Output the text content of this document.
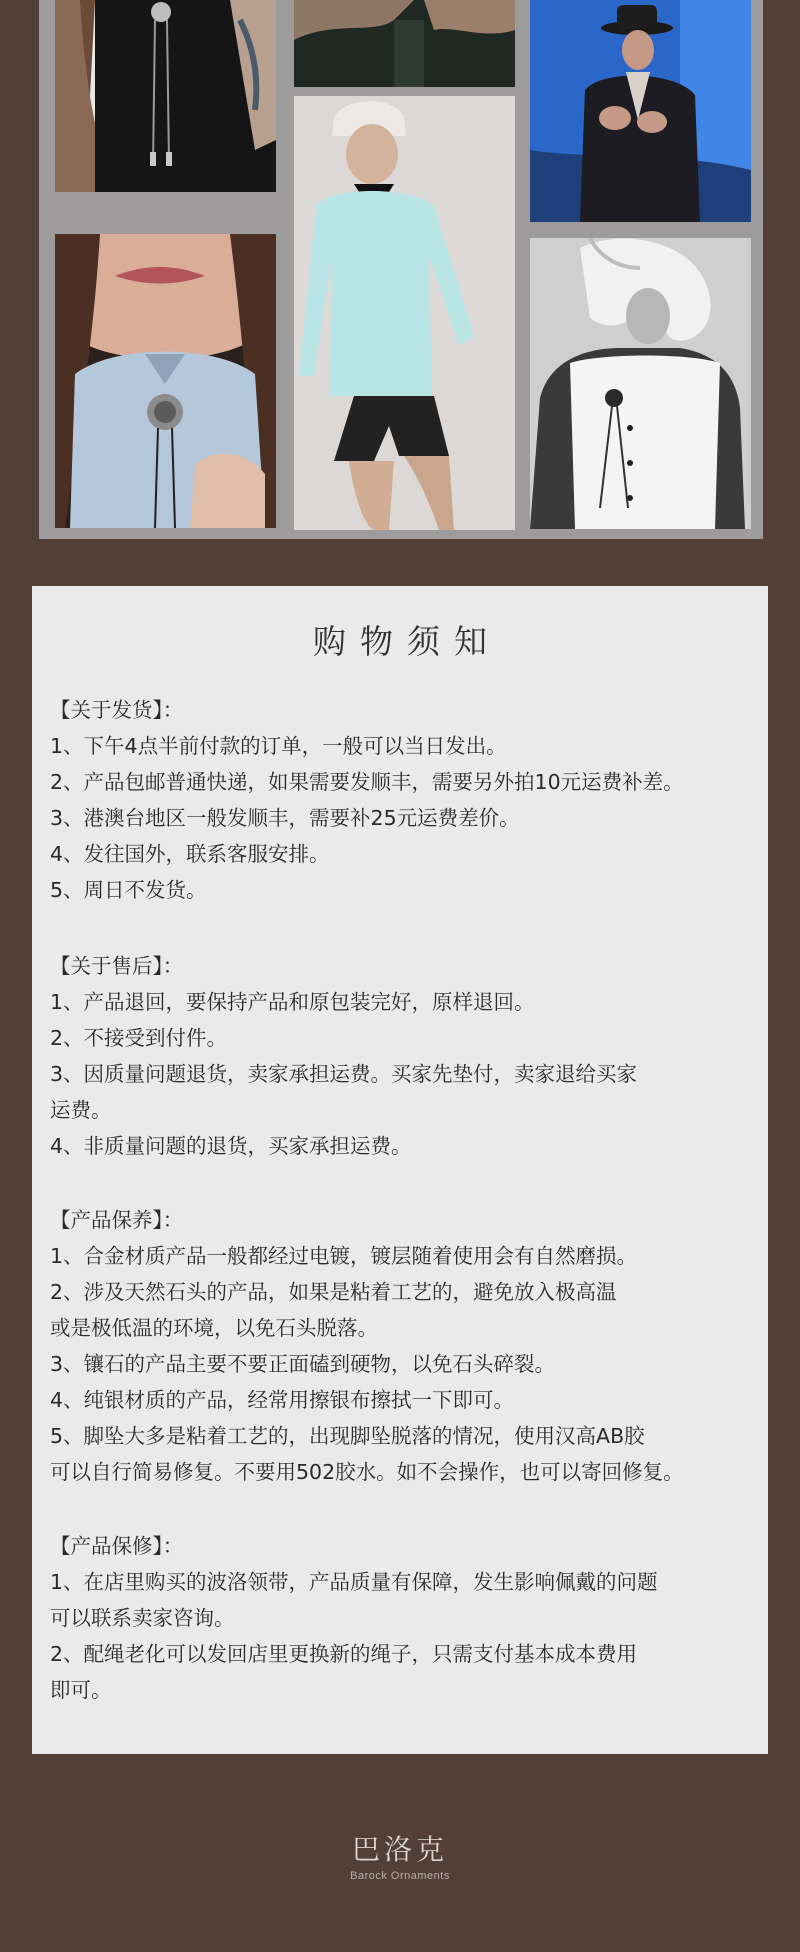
购物须知
【关于发货】：
1、下午4点半前付款的订单，一般可以当日发出。
2、产品包邮普通快递，如果需要发顺丰，需要另外拍10元运费补差。
3、港澳台地区一般发顺丰，需要补25元运费差价。
4、发往国外，联系客服安排。
5、周日不发货。
【关于售后】：
1、产品退回，要保持产品和原包装完好，原样退回。
2、不接受到付件。
3、因质量问题退货，卖家承担运费。买家先垫付，卖家退给买家
运费。
4、非质量问题的退货，买家承担运费。
【产品保养】：
1、合金材质产品一般都经过电镀，镀层随着使用会有自然磨损。
2、涉及天然石头的产品，如果是粘着工艺的，避免放入极高温
或是极低温的环境，以免石头脱落。
3、镶石的产品主要不要正面磕到硬物，以免石头碎裂。
4、纯银材质的产品，经常用擦银布擦拭一下即可。
5、脚坠大多是粘着工艺的，出现脚坠脱落的情况，使用汉高AB胶
可以自行简易修复。不要用502胶水。如不会操作，也可以寄回修复。
【产品保修】：
1、在店里购买的波洛领带，产品质量有保障，发生影响佩戴的问题
可以联系卖家咨询。
2、配绳老化可以发回店里更换新的绳子，只需支付基本成本费用
即可。
巴洛克
Barock Ornaments
